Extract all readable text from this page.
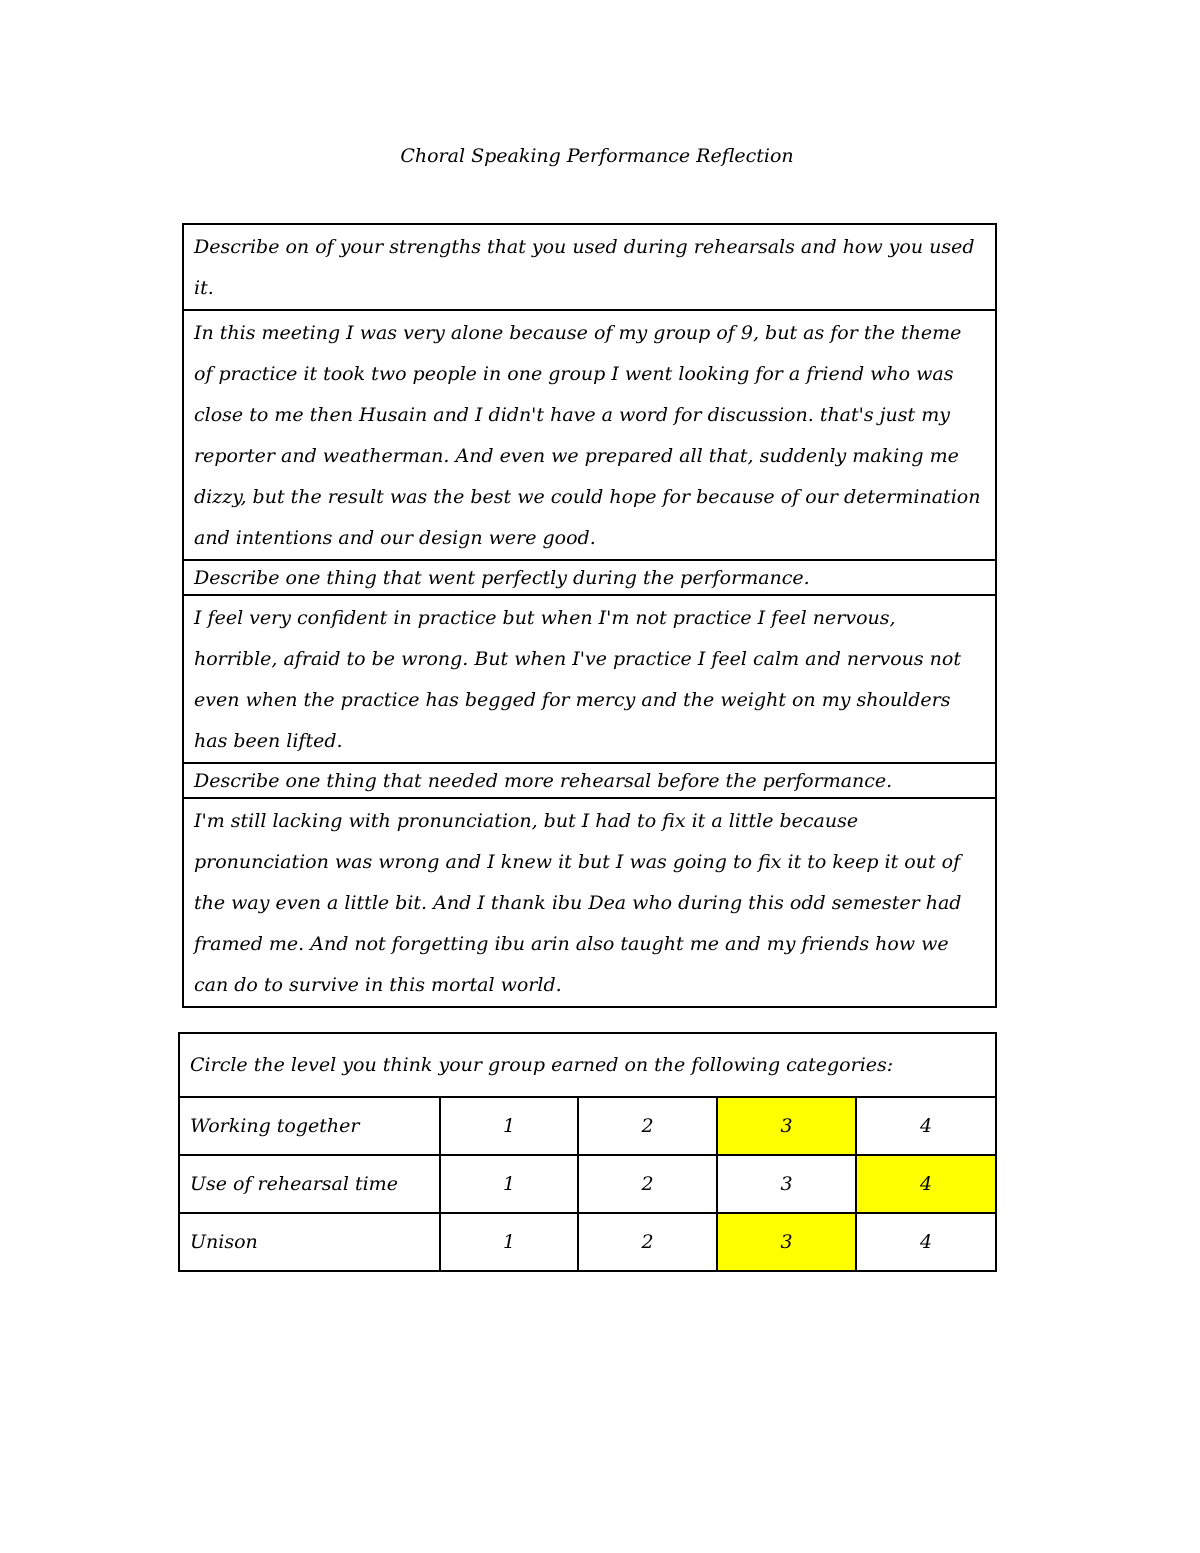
Choral Speaking Performance Reflection
Describe on of your strengths that you used during rehearsals and how you used it.
In this meeting I was very alone because of my group of 9, but as for the theme of practice it took two people in one group I went looking for a friend who was close to me then Husain and I didn't have a word for discussion. that's just my reporter and weatherman. And even we prepared all that, suddenly making me dizzy, but the result was the best we could hope for because of our determination and intentions and our design were good.
Describe one thing that went perfectly during the performance.
I feel very confident in practice but when I'm not practice I feel nervous, horrible, afraid to be wrong. But when I've practice I feel calm and nervous not even when the practice has begged for mercy and the weight on my shoulders has been lifted.
Describe one thing that needed more rehearsal before the performance.
I'm still lacking with pronunciation, but I had to fix it a little because pronunciation was wrong and I knew it but I was going to fix it to keep it out of the way even a little bit. And I thank ibu Dea who during this odd semester had framed me. And not forgetting ibu arin also taught me and my friends how we can do to survive in this mortal world.
Circle the level you think your group earned on the following categories:				
Working together	1	2	3	4
Use of rehearsal time	1	2	3	4
Unison	1	2	3	4
